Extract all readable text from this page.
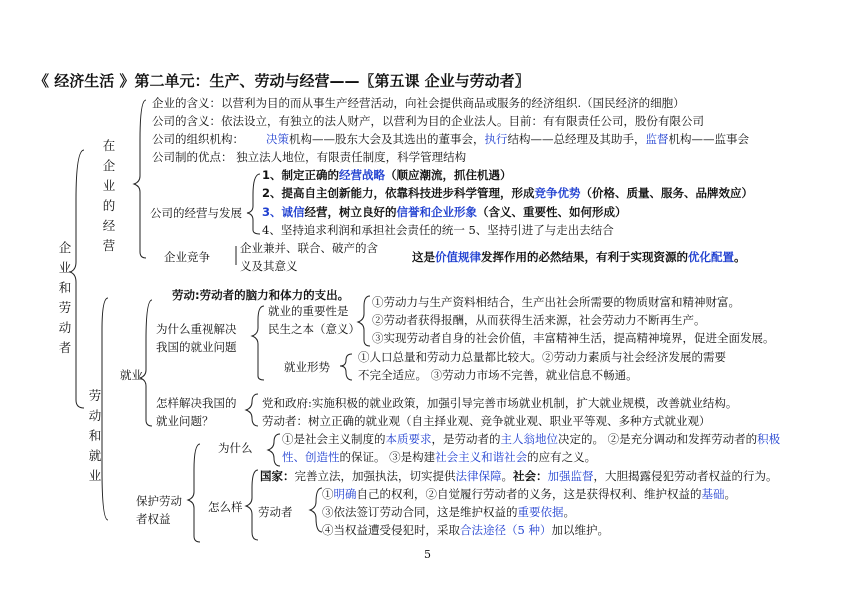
《 经济生活 》第二单元：生产、劳动与经营——〖第五课 企业与劳动者〗
企业和劳动者
在企业的经营
劳动和就业
企业的含义：以营利为目的而从事生产经营活动，向社会提供商品或服务的经济组织.（国民经济的细胞）
公司的含义：依法设立，有独立的法人财产，以营利为目的企业法人。目前：有有限责任公司，股份有限公司
公司的组织机构： 决策机构——股东大会及其选出的董事会，执行结构——总经理及其助手，监督机构——监事会
公司制的优点： 独立法人地位，有限责任制度，科学管理结构
公司的经营与发展
1、制定正确的经营战略（顺应潮流，抓住机遇）
2、提高自主创新能力，依靠科技进步科学管理，形成竞争优势（价格、质量、服务、品牌效应）
3、诚信经营，树立良好的信誉和企业形象（含义、重要性、如何形成）
4、坚持追求利润和承担社会责任的统一 5、坚持引进了与走出去结合
企业竞争
企业兼并、联合、破产的含
义及其意义
这是价值规律发挥作用的必然结果，有利于实现资源的优化配置。
劳动:劳动者的脑力和体力的支出。
就业
为什么重视解决
我国的就业问题
就业的重要性是
民生之本（意义）
①劳动力与生产资料相结合，生产出社会所需要的物质财富和精神财富。
②劳动者获得报酬，从而获得生活来源，社会劳动力不断再生产。
③实现劳动者自身的社会价值，丰富精神生活，提高精神境界，促进全面发展。
就业形势
①人口总量和劳动力总量都比较大。②劳动力素质与社会经济发展的需要
不完全适应。 ③劳动力市场不完善，就业信息不畅通。
怎样解决我国的
就业问题？
党和政府:实施积极的就业政策，加强引导完善市场就业机制，扩大就业规模，改善就业结构。
劳动者：树立正确的就业观（自主择业观、竞争就业观、职业平等观、多种方式就业观）
保护劳动
者权益
为什么
①是社会主义制度的本质要求，是劳动者的主人翁地位决定的。 ②是充分调动和发挥劳动者的积极
性、创造性的保证。 ③是构建社会主义和谐社会的应有之义。
怎么样
国家：完善立法，加强执法，切实提供法律保障。社会：加强监督，大胆揭露侵犯劳动者权益的行为。
劳动者
①明确自己的权利，②自觉履行劳动者的义务，这是获得权利、维护权益的基础。
③依法签订劳动合同，这是维护权益的重要依据。
④当权益遭受侵犯时，采取合法途径（5 种）加以维护。
5
